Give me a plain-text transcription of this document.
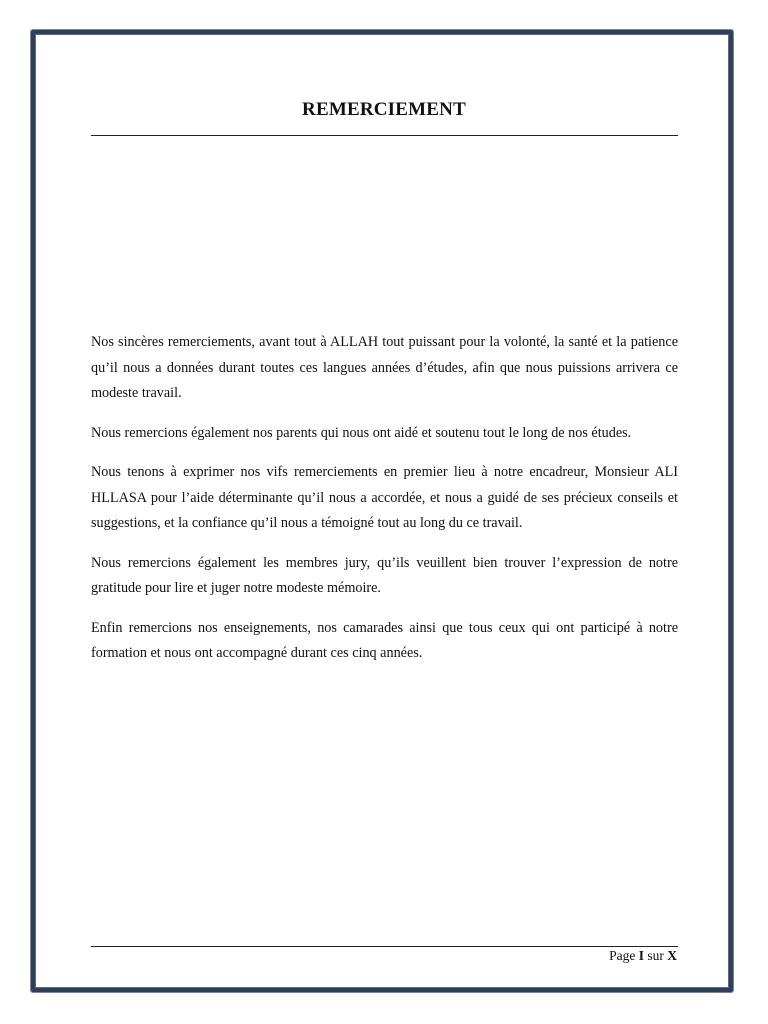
REMERCIEMENT

Nos sincères remerciements, avant tout à ALLAH tout puissant pour la volonté, la santé et la patience qu’il nous a données durant toutes ces langues années d’études, afin que nous puissions arrivera ce modeste travail.

Nous remercions également nos parents qui nous ont aidé et soutenu tout le long de nos études.

Nous tenons à exprimer nos vifs remerciements en premier lieu à notre encadreur, Monsieur ALI HLLASA pour l’aide déterminante qu’il nous a accordée, et nous a guidé de ses précieux conseils et suggestions, et la confiance qu’il nous a témoigné tout au long du ce travail.

Nous remercions également les membres jury, qu’ils veuillent bien trouver l’expression de notre gratitude pour lire et juger notre modeste mémoire.

Enfin remercions nos enseignements, nos camarades ainsi que tous ceux qui ont participé à notre formation et nous ont accompagné durant ces cinq années.

Page I sur X
